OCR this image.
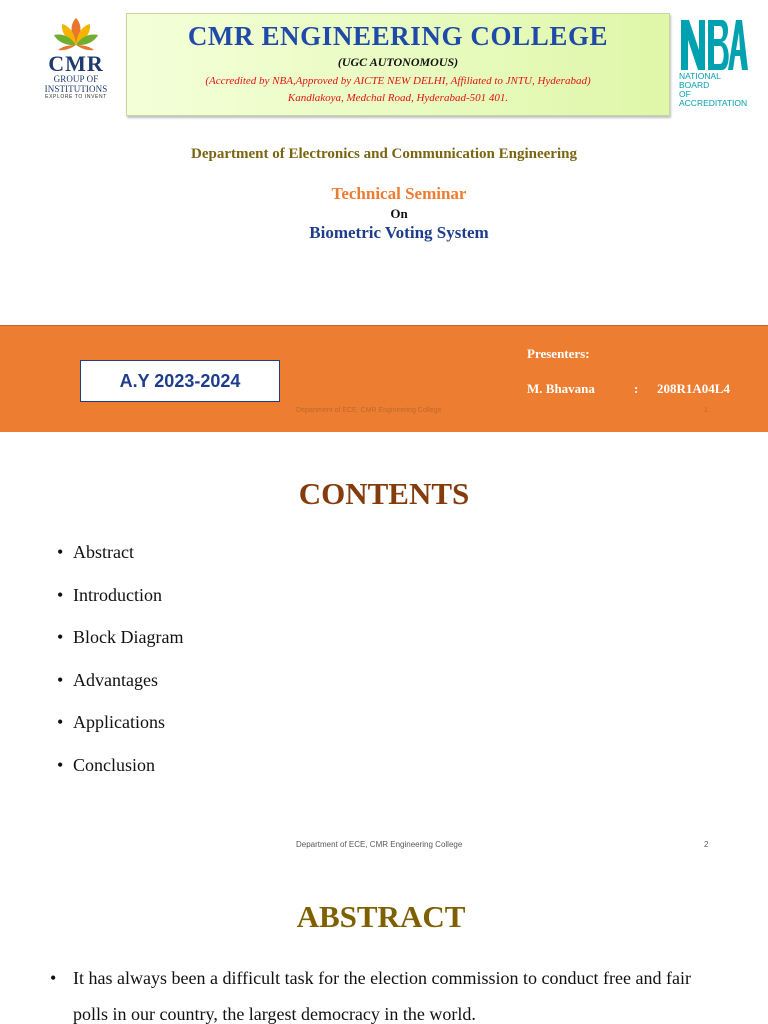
CMR
GROUP OF INSTITUTIONS
EXPLORE TO INVENT
CMR ENGINEERING COLLEGE
(UGC AUTONOMOUS)
(Accredited by NBA,Approved by AICTE NEW DELHI, Affiliated to JNTU, Hyderabad)
Kandlakoya, Medchal Road, Hyderabad-501 401.
NATIONAL BOARD
OF ACCREDITATION
Department of Electronics and Communication Engineering
Technical Seminar
On
Biometric Voting System
A.Y 2023-2024
Presenters:
M. Bhavana	: 208R1A04L4
Department of ECE, CMR Engineering College	1
CONTENTS
• Abstract
• Introduction
• Block Diagram
• Advantages
• Applications
• Conclusion
Department of ECE, CMR Engineering College	2
ABSTRACT
• It has always been a difficult task for the election commission to conduct free and fair polls in our country, the largest democracy in the world.
